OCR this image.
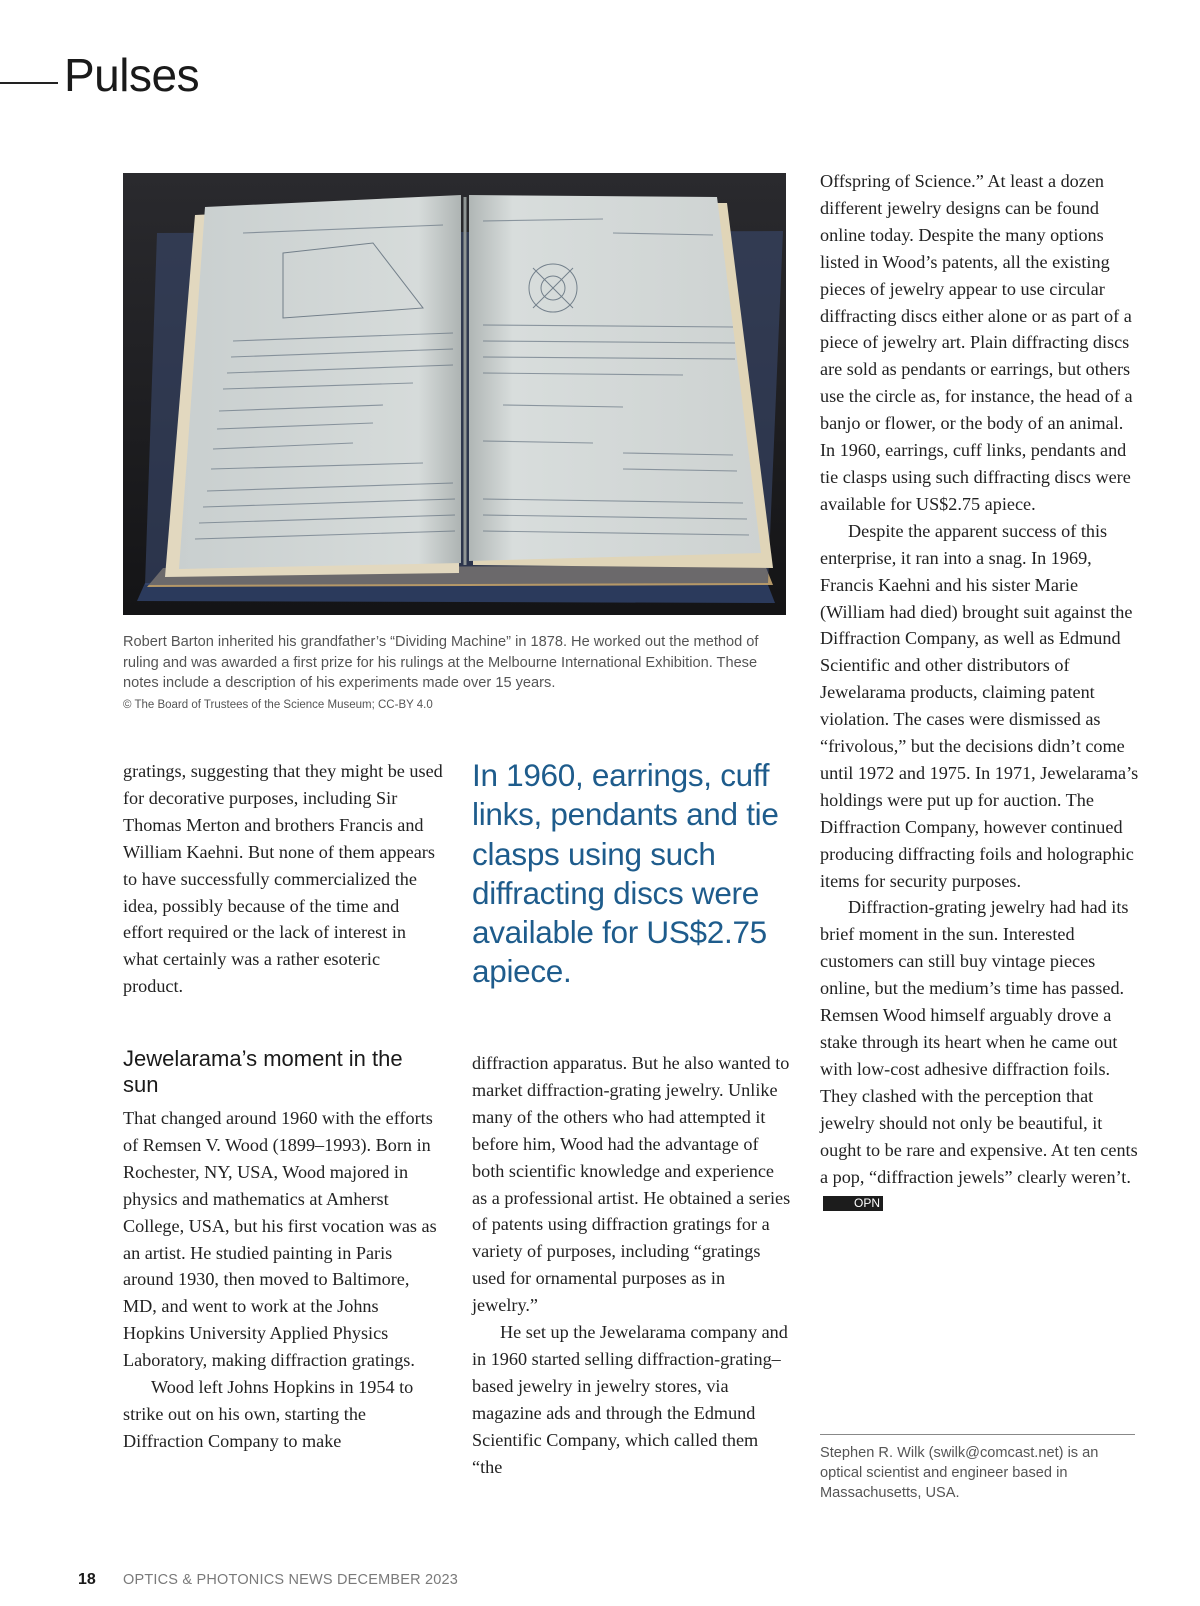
Pulses
Robert Barton inherited his grandfather’s “Dividing Machine” in 1878. He worked out the method of ruling and was awarded a first prize for his rulings at the Melbourne International Exhibition. These notes include a description of his experiments made over 15 years.
© The Board of Trustees of the Science Museum; CC-BY 4.0

gratings, suggesting that they might be used for decorative purposes, including Sir Thomas Merton and brothers Francis and William Kaehni. But none of them appears to have successfully commercialized the idea, possibly because of the time and effort required or the lack of interest in what certainly was a rather esoteric product.

Jewelarama’s moment in the sun

That changed around 1960 with the efforts of Remsen V. Wood (1899–1993). Born in Rochester, NY, USA, Wood majored in physics and mathematics at Amherst College, USA, but his first vocation was as an artist. He studied painting in Paris around 1930, then moved to Baltimore, MD, and went to work at the Johns Hopkins University Applied Physics Laboratory, making diffraction gratings.

Wood left Johns Hopkins in 1954 to strike out on his own, starting the Diffraction Company to make

In 1960, earrings, cuff links, pendants and tie clasps using such diffracting discs were available for US$2.75 apiece.

diffraction apparatus. But he also wanted to market diffraction-grating jewelry. Unlike many of the others who had attempted it before him, Wood had the advantage of both scientific knowledge and experience as a professional artist. He obtained a series of patents using diffraction gratings for a variety of purposes, including “gratings used for ornamental purposes as in jewelry.”

He set up the Jewelarama company and in 1960 started selling diffraction-grating–based jewelry in jewelry stores, via magazine ads and through the Edmund Scientific Company, which called them “the

Offspring of Science.” At least a dozen different jewelry designs can be found online today. Despite the many options listed in Wood’s patents, all the existing pieces of jewelry appear to use circular diffracting discs either alone or as part of a piece of jewelry art. Plain diffracting discs are sold as pendants or earrings, but others use the circle as, for instance, the head of a banjo or flower, or the body of an animal. In 1960, earrings, cuff links, pendants and tie clasps using such diffracting discs were available for US$2.75 apiece.

Despite the apparent success of this enterprise, it ran into a snag. In 1969, Francis Kaehni and his sister Marie (William had died) brought suit against the Diffraction Company, as well as Edmund Scientific and other distributors of Jewelarama products, claiming patent violation. The cases were dismissed as “frivolous,” but the decisions didn’t come until 1972 and 1975. In 1971, Jewelarama’s holdings were put up for auction. The Diffraction Company, however continued producing diffracting foils and holographic items for security purposes.

Diffraction-grating jewelry had had its brief moment in the sun. Interested customers can still buy vintage pieces online, but the medium’s time has passed. Remsen Wood himself arguably drove a stake through its heart when he came out with low-cost adhesive diffraction foils. They clashed with the perception that jewelry should not only be beautiful, it ought to be rare and expensive. At ten cents a pop, “diffraction jewels” clearly weren’t.OPN

Stephen R. Wilk (swilk@comcast.net) is an optical scientist and engineer based in Massachusetts, USA.
18 OPTICS & PHOTONICS NEWS DECEMBER 2023
